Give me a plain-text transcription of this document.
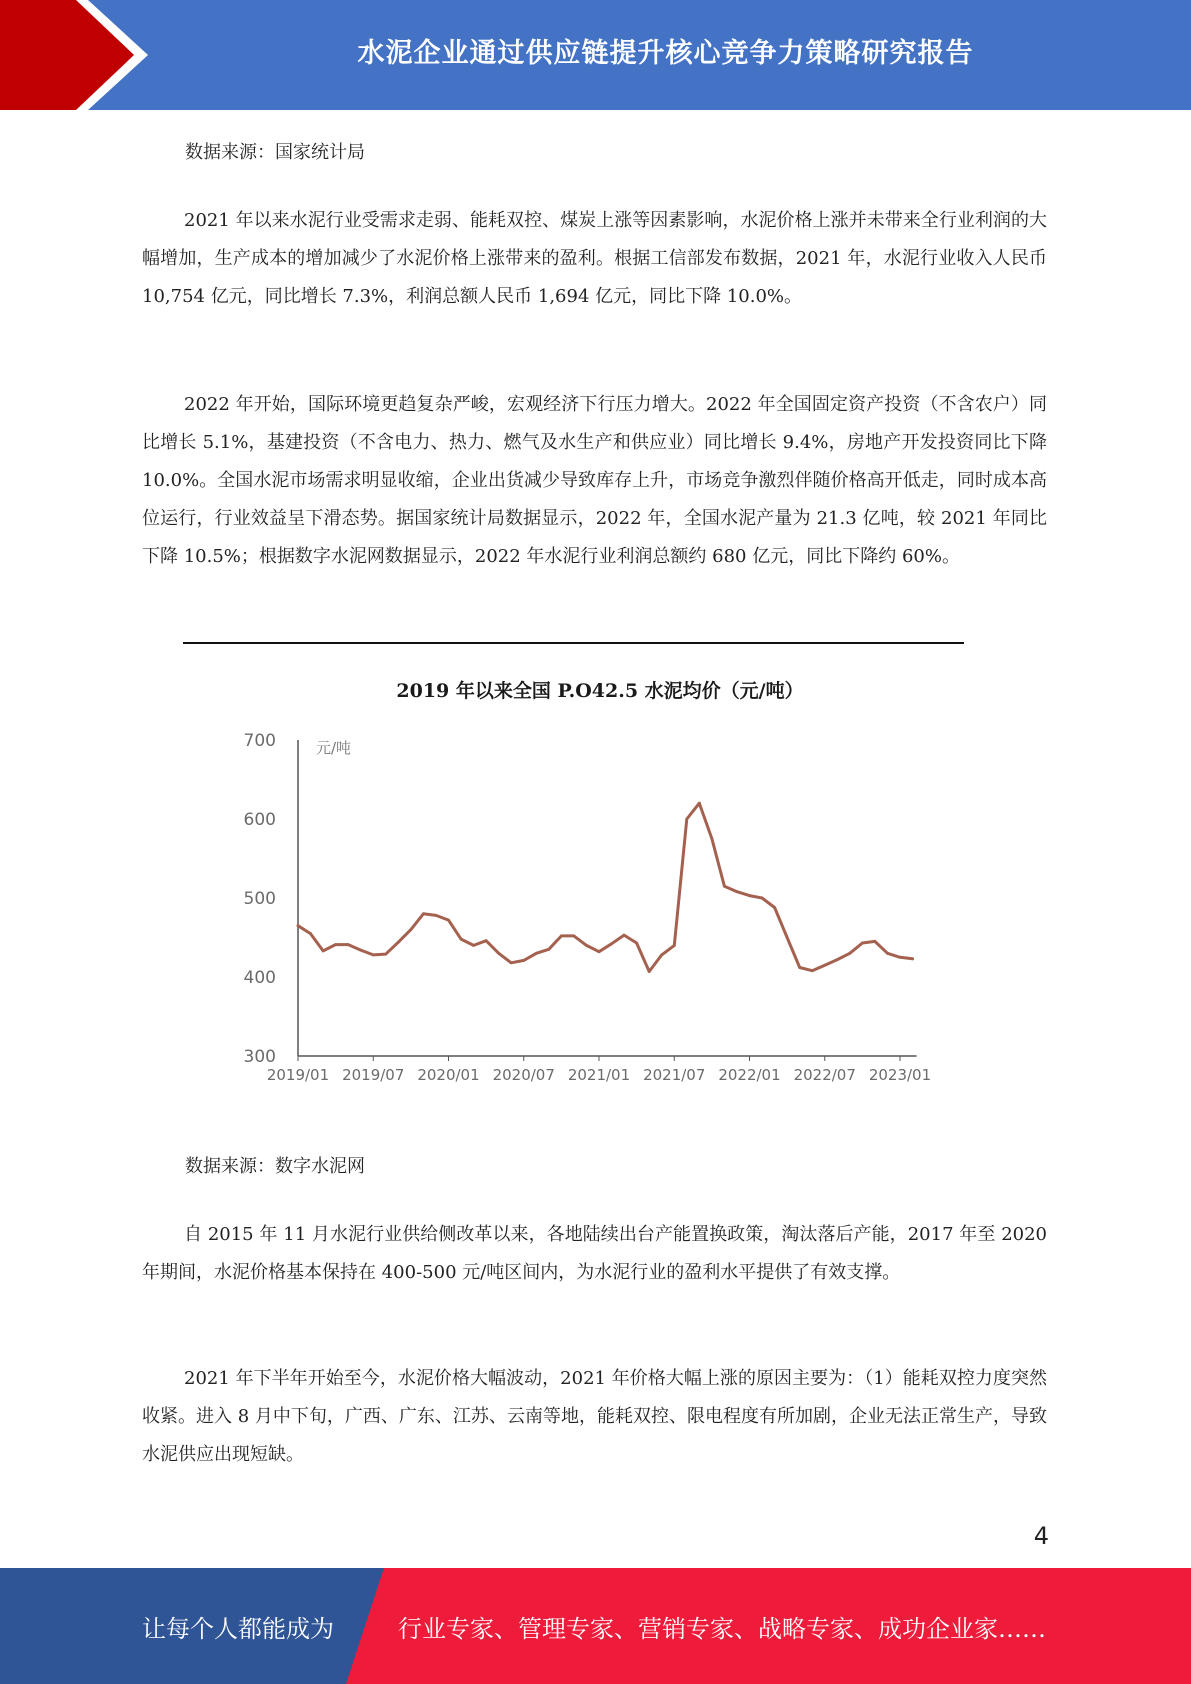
水泥企业通过供应链提升核心竞争力策略研究报告
数据来源：国家统计局
2021 年以来水泥行业受需求走弱、能耗双控、煤炭上涨等因素影响，水泥价格上涨并未带来全行业利润的大幅增加，生产成本的增加减少了水泥价格上涨带来的盈利。根据工信部发布数据，2021 年，水泥行业收入人民币 10,754 亿元，同比增长 7.3%，利润总额人民币 1,694 亿元，同比下降 10.0%。
2022 年开始，国际环境更趋复杂严峻，宏观经济下行压力增大。2022 年全国固定资产投资（不含农户）同比增长 5.1%，基建投资（不含电力、热力、燃气及水生产和供应业）同比增长 9.4%，房地产开发投资同比下降 10.0%。全国水泥市场需求明显收缩，企业出货减少导致库存上升，市场竞争激烈伴随价格高开低走，同时成本高位运行，行业效益呈下滑态势。据国家统计局数据显示，2022 年，全国水泥产量为 21.3 亿吨，较 2021 年同比下降 10.5%；根据数字水泥网数据显示，2022 年水泥行业利润总额约 680 亿元，同比下降约 60%。
2019 年以来全国 P.O42.5 水泥均价（元/吨）
300
400
500
600
700
2019/01 2019/07 2020/01 2020/07 2021/01 2021/07 2022/01 2022/07 2023/01
元/吨
数据来源：数字水泥网
自 2015 年 11 月水泥行业供给侧改革以来，各地陆续出台产能置换政策，淘汰落后产能，2017 年至 2020 年期间，水泥价格基本保持在 400-500 元/吨区间内，为水泥行业的盈利水平提供了有效支撑。
2021 年下半年开始至今，水泥价格大幅波动，2021 年价格大幅上涨的原因主要为：（1）能耗双控力度突然收紧。进入 8 月中下旬，广西、广东、江苏、云南等地，能耗双控、限电程度有所加剧，企业无法正常生产，导致水泥供应出现短缺。
4
让每个人都能成为	行业专家、管理专家、营销专家、战略专家、成功企业家……
